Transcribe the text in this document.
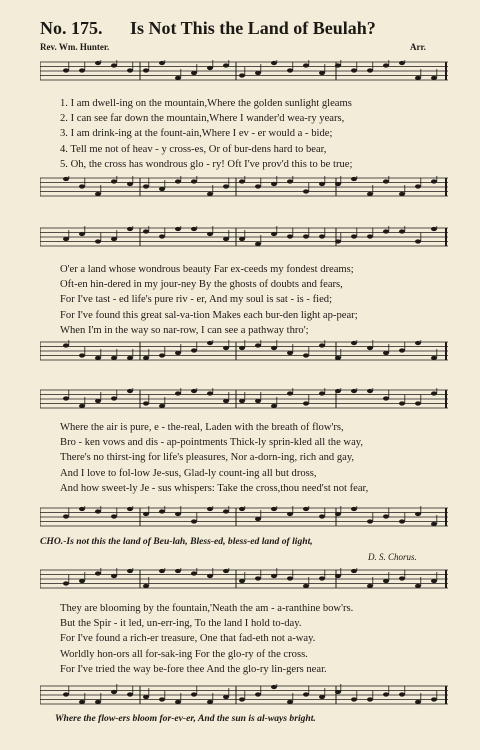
No. 175. Is Not This the Land of Beulah?
Rev. Wm. Hunter.	Arr.
1. I am dwell-ing on the mountain,Where the golden sunlight gleams
2. I can see far down the mountain,Where I wander'd wea-ry years,
3. I am drink-ing at the fount-ain,Where I ev - er would a - bide;
4. Tell me not of heav - y cross-es, Or of bur-dens hard to bear,
5. Oh, the cross has wondrous glo - ry! Oft I've prov'd this to be true;
O'er a land whose wondrous beauty Far ex-ceeds my fondest dreams;
Oft-en hin-dered in my jour-ney By the ghosts of doubts and fears,
For I've tast - ed life's pure riv - er, And my soul is sat - is - fied;
For I've found this great sal-va-tion Makes each bur-den light ap-pear;
When I'm in the way so nar-row, I can see a pathway thro';
Where the air is pure, e - the-real, Laden with the breath of flow'rs,
Bro - ken vows and dis - ap-pointments Thick-ly sprin-kled all the way,
There's no thirst-ing for life's pleasures, Nor a-dorn-ing, rich and gay,
And I love to fol-low Je-sus, Glad-ly count-ing all but dross,
And how sweet-ly Je - sus whispers: Take the cross,thou need'st not fear,
CHO.-Is not this the land of Beu-lah, Bless-ed, bless-ed land of light,
D. S. Chorus.
They are blooming by the fountain,'Neath the am - a-ranthine bow'rs.
But the Spir - it led, un-err-ing, To the land I hold to-day.
For I've found a rich-er treasure, One that fad-eth not a-way.
Worldly hon-ors all for-sak-ing For the glo-ry of the cross.
For I've tried the way be-fore thee And the glo-ry lin-gers near.
Where the flow-ers bloom for-ev-er, And the sun is al-ways bright.
